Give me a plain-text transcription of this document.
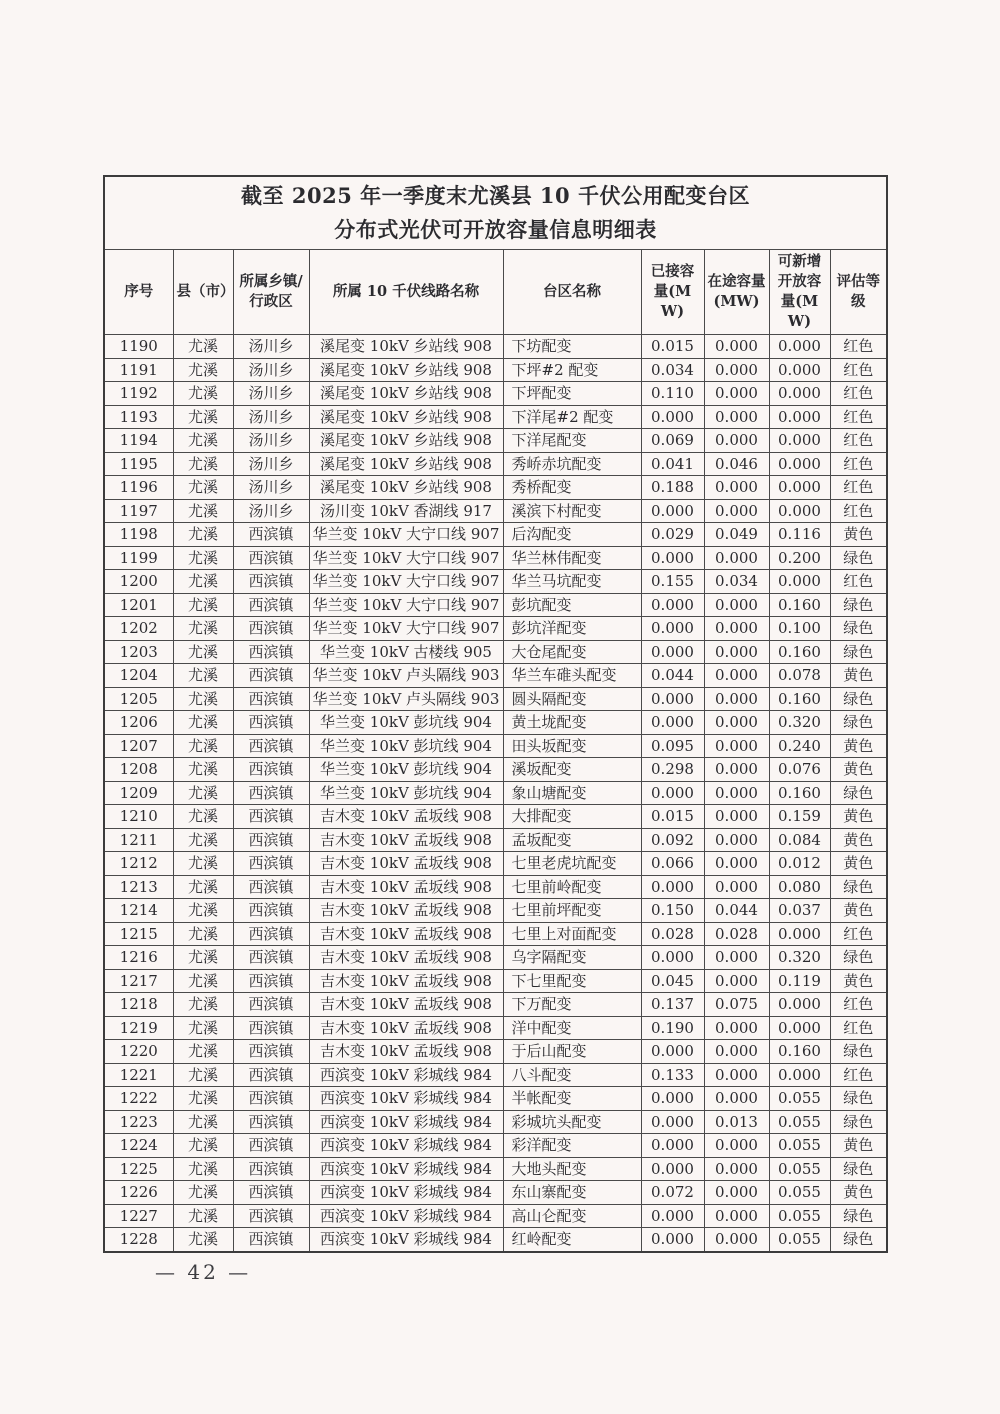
截至 2025 年一季度末尤溪县 10 千伏公用配变台区
分布式光伏可开放容量信息明细表								

序号	县（市）	所属乡镇/行政区	所属 10 千伏线路名称	台区名称	已接容量(MW)	在途容量(MW)	可新增开放容量(MW)	评估等级
1190	尤溪	汤川乡	溪尾变 10kV 乡站线 908	下坊配变	0.015	0.000	0.000	红色
1191	尤溪	汤川乡	溪尾变 10kV 乡站线 908	下坪#2 配变	0.034	0.000	0.000	红色
1192	尤溪	汤川乡	溪尾变 10kV 乡站线 908	下坪配变	0.110	0.000	0.000	红色
1193	尤溪	汤川乡	溪尾变 10kV 乡站线 908	下洋尾#2 配变	0.000	0.000	0.000	红色
1194	尤溪	汤川乡	溪尾变 10kV 乡站线 908	下洋尾配变	0.069	0.000	0.000	红色
1195	尤溪	汤川乡	溪尾变 10kV 乡站线 908	秀峤赤坑配变	0.041	0.046	0.000	红色
1196	尤溪	汤川乡	溪尾变 10kV 乡站线 908	秀桥配变	0.188	0.000	0.000	红色
1197	尤溪	汤川乡	汤川变 10kV 香湖线 917	溪滨下村配变	0.000	0.000	0.000	红色
1198	尤溪	西滨镇	华兰变 10kV 大宁口线 907	后沟配变	0.029	0.049	0.116	黄色
1199	尤溪	西滨镇	华兰变 10kV 大宁口线 907	华兰林伟配变	0.000	0.000	0.200	绿色
1200	尤溪	西滨镇	华兰变 10kV 大宁口线 907	华兰马坑配变	0.155	0.034	0.000	红色
1201	尤溪	西滨镇	华兰变 10kV 大宁口线 907	彭坑配变	0.000	0.000	0.160	绿色
1202	尤溪	西滨镇	华兰变 10kV 大宁口线 907	彭坑洋配变	0.000	0.000	0.100	绿色
1203	尤溪	西滨镇	华兰变 10kV 古楼线 905	大仓尾配变	0.000	0.000	0.160	绿色
1204	尤溪	西滨镇	华兰变 10kV 卢头隔线 903	华兰车碓头配变	0.044	0.000	0.078	黄色
1205	尤溪	西滨镇	华兰变 10kV 卢头隔线 903	圆头隔配变	0.000	0.000	0.160	绿色
1206	尤溪	西滨镇	华兰变 10kV 彭坑线 904	黄土垅配变	0.000	0.000	0.320	绿色
1207	尤溪	西滨镇	华兰变 10kV 彭坑线 904	田头坂配变	0.095	0.000	0.240	黄色
1208	尤溪	西滨镇	华兰变 10kV 彭坑线 904	溪坂配变	0.298	0.000	0.076	黄色
1209	尤溪	西滨镇	华兰变 10kV 彭坑线 904	象山塘配变	0.000	0.000	0.160	绿色
1210	尤溪	西滨镇	吉木变 10kV 孟坂线 908	大排配变	0.015	0.000	0.159	黄色
1211	尤溪	西滨镇	吉木变 10kV 孟坂线 908	孟坂配变	0.092	0.000	0.084	黄色
1212	尤溪	西滨镇	吉木变 10kV 孟坂线 908	七里老虎坑配变	0.066	0.000	0.012	黄色
1213	尤溪	西滨镇	吉木变 10kV 孟坂线 908	七里前岭配变	0.000	0.000	0.080	绿色
1214	尤溪	西滨镇	吉木变 10kV 孟坂线 908	七里前坪配变	0.150	0.044	0.037	黄色
1215	尤溪	西滨镇	吉木变 10kV 孟坂线 908	七里上对面配变	0.028	0.028	0.000	红色
1216	尤溪	西滨镇	吉木变 10kV 孟坂线 908	乌字隔配变	0.000	0.000	0.320	绿色
1217	尤溪	西滨镇	吉木变 10kV 孟坂线 908	下七里配变	0.045	0.000	0.119	黄色
1218	尤溪	西滨镇	吉木变 10kV 孟坂线 908	下万配变	0.137	0.075	0.000	红色
1219	尤溪	西滨镇	吉木变 10kV 孟坂线 908	洋中配变	0.190	0.000	0.000	红色
1220	尤溪	西滨镇	吉木变 10kV 孟坂线 908	于后山配变	0.000	0.000	0.160	绿色
1221	尤溪	西滨镇	西滨变 10kV 彩城线 984	八斗配变	0.133	0.000	0.000	红色
1222	尤溪	西滨镇	西滨变 10kV 彩城线 984	半帐配变	0.000	0.000	0.055	绿色
1223	尤溪	西滨镇	西滨变 10kV 彩城线 984	彩城坑头配变	0.000	0.013	0.055	绿色
1224	尤溪	西滨镇	西滨变 10kV 彩城线 984	彩洋配变	0.000	0.000	0.055	黄色
1225	尤溪	西滨镇	西滨变 10kV 彩城线 984	大地头配变	0.000	0.000	0.055	绿色
1226	尤溪	西滨镇	西滨变 10kV 彩城线 984	东山寨配变	0.072	0.000	0.055	黄色
1227	尤溪	西滨镇	西滨变 10kV 彩城线 984	高山仑配变	0.000	0.000	0.055	绿色
1228	尤溪	西滨镇	西滨变 10kV 彩城线 984	红岭配变	0.000	0.000	0.055	绿色
— 42 —
